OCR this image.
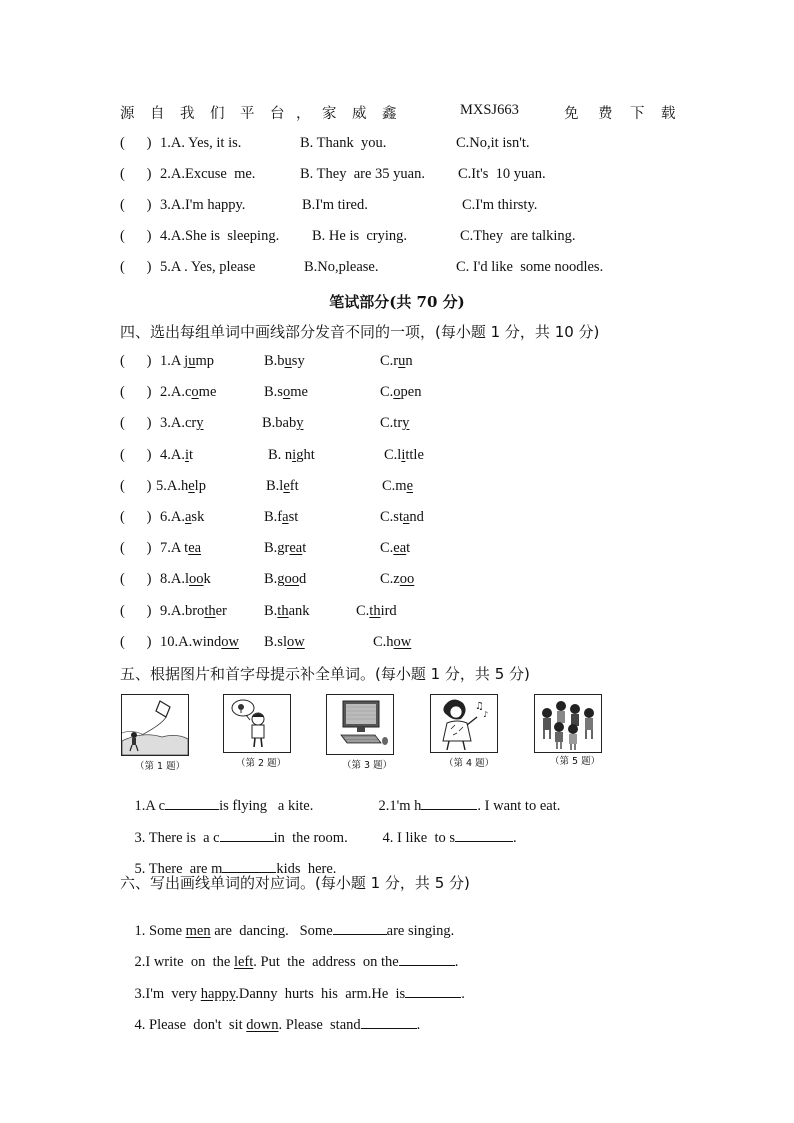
源 自 我 们 平 台 ， 家 威 鑫	MXSJ663	免 费 下 载
(      ) 1.A. Yes, it is.	B. Thank  you.	C.No,it isn't.
(      ) 2.A.Excuse  me.	B. They  are 35 yuan. C.It's  10 yuan.
(      ) 3.A.I'm happy.	B.I'm tired.	C.I'm thirsty.
(      ) 4.A.She is  sleeping. B. He is  crying.	C.They  are talking.
(      ) 5.A . Yes, please	B.No,please.	C. I'd like  some noodles.
笔试部分(共 70 分)
四、选出每组单词中画线部分发音不同的一项，(每小题 1 分，共 10 分)
(      ) 1.A jump	B.busy	C.run
(      ) 2.A.come	B.some	C.open
(      ) 3.A.cry	B.baby	C.try
(      ) 4.A.it	B. night	C.little
(      ) 5.A.help	B.left	C.me
(      ) 6.A.ask	B.fast	C.stand
(      ) 7.A tea	B.great	C.eat
(      ) 8.A.look	B.good	C.zoo
(      ) 9.A.brother	B.thank	C.third
(      ) 10.A.window B.slow	C.how
五、根据图片和首字母提示补全单词。(每小题 1 分，共 5 分)
（第 1 题）	（第 2 题）	（第 3 题）
♫
♪
（第 4 题）	（第 5 题）

1.A c	is flying   a kite.
	2.1'm h	. I want to eat.

3. There is  a c	in  the room.
	4. I like  to s	.

5. There  are m	kids  here.

六、写出画线单词的对应词。(每小题 1 分，共 5 分)

1. Some men are  dancing.   Some	are singing.

2.I write  on  the left. Put  the  address  on the	.

3.I'm  very happy.Danny  hurts  his  arm.He  is	.

4. Please  don't  sit down. Please  stand	.
